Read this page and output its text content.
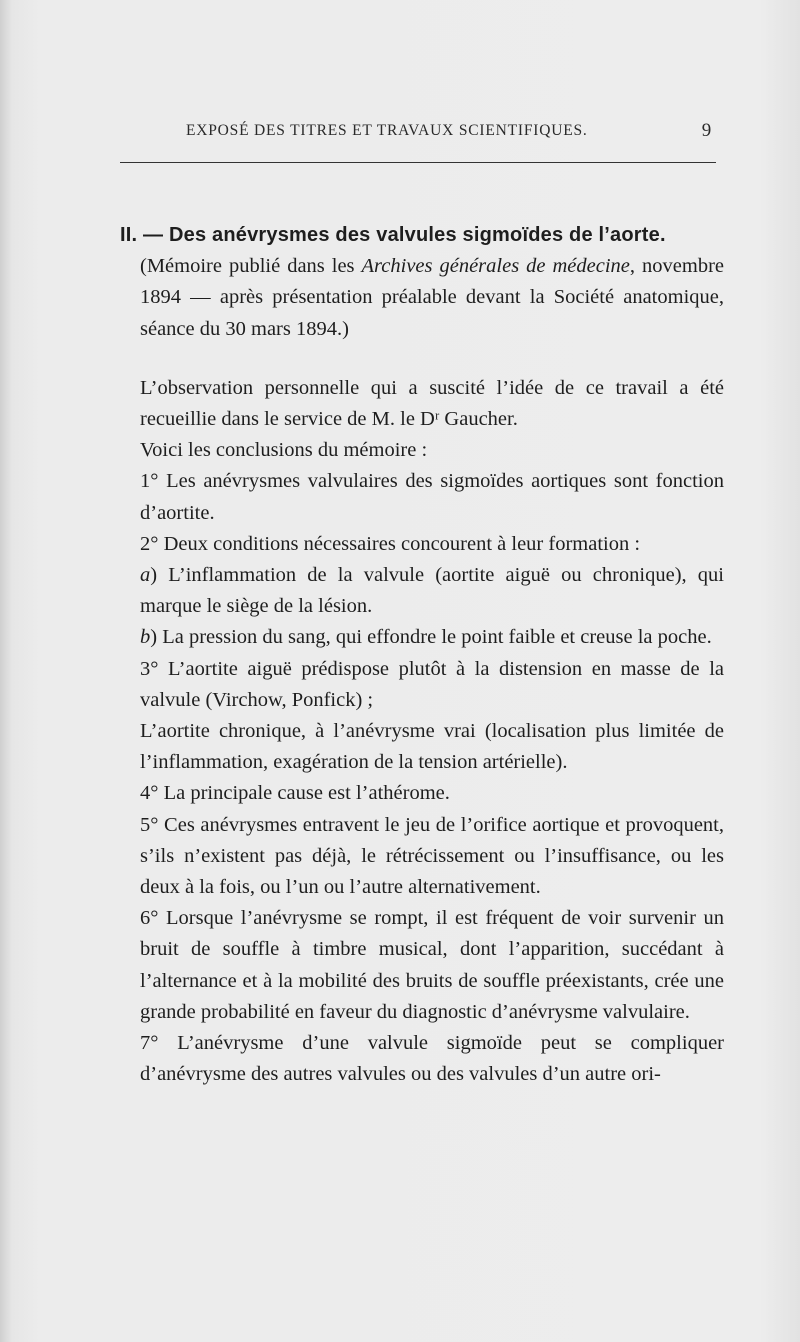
EXPOSÉ DES TITRES ET TRAVAUX SCIENTIFIQUES.	9

II. — Des anévrysmes des valvules sigmoïdes de l’aorte.

(Mémoire publié dans les Archives générales de médecine, novembre 1894 — après présentation préalable devant la Société anatomique, séance du 30 mars 1894.)

L’observation personnelle qui a suscité l’idée de ce travail a été recueillie dans le service de M. le Dʳ Gaucher.

Voici les conclusions du mémoire :

1° Les anévrysmes valvulaires des sigmoïdes aortiques sont fonction d’aortite.

2° Deux conditions nécessaires concourent à leur formation :

a) L’inflammation de la valvule (aortite aiguë ou chronique), qui marque le siège de la lésion.

b) La pression du sang, qui effondre le point faible et creuse la poche.

3° L’aortite aiguë prédispose plutôt à la distension en masse de la valvule (Virchow, Ponfick) ;

L’aortite chronique, à l’anévrysme vrai (localisation plus limitée de l’inflammation, exagération de la tension artérielle).

4° La principale cause est l’athérome.

5° Ces anévrysmes entravent le jeu de l’orifice aortique et provoquent, s’ils n’existent pas déjà, le rétrécissement ou l’insuffisance, ou les deux à la fois, ou l’un ou l’autre alternativement.

6° Lorsque l’anévrysme se rompt, il est fréquent de voir survenir un bruit de souffle à timbre musical, dont l’apparition, succédant à l’alternance et à la mobilité des bruits de souffle préexistants, crée une grande probabilité en faveur du diagnostic d’anévrysme valvulaire.

7° L’anévrysme d’une valvule sigmoïde peut se compliquer d’anévrysme des autres valvules ou des valvules d’un autre ori-
